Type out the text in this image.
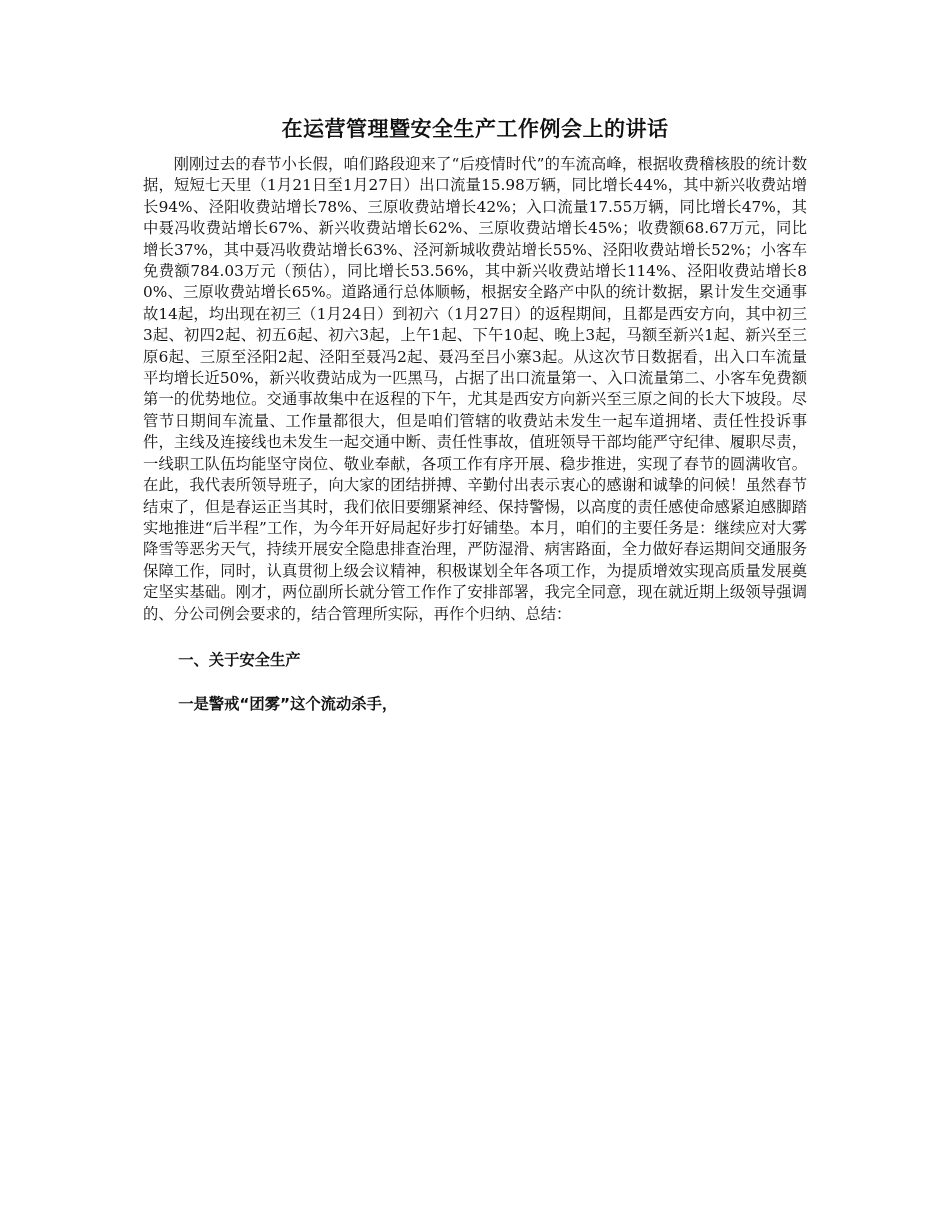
在运营管理暨安全生产工作例会上的讲话

刚刚过去的春节小长假，咱们路段迎来了“后疫情时代”的车流高峰，根据收费稽核股的统计数据，短短七天里（1月21日至1月27日）出口流量15.98万辆，同比增长44%，其中新兴收费站增长94%、泾阳收费站增长78%、三原收费站增长42%；入口流量17.55万辆，同比增长47%，其中聂冯收费站增长67%、新兴收费站增长62%、三原收费站增长45%；收费额68.67万元，同比增长37%，其中聂冯收费站增长63%、泾河新城收费站增长55%、泾阳收费站增长52%；小客车免费额784.03万元（预估），同比增长53.56%，其中新兴收费站增长114%、泾阳收费站增长80%、三原收费站增长65%。道路通行总体顺畅，根据安全路产中队的统计数据，累计发生交通事故14起，均出现在初三（1月24日）到初六（1月27日）的返程期间，且都是西安方向，其中初三3起、初四2起、初五6起、初六3起，上午1起、下午10起、晚上3起，马额至新兴1起、新兴至三原6起、三原至泾阳2起、泾阳至聂冯2起、聂冯至吕小寨3起。从这次节日数据看，出入口车流量平均增长近50%，新兴收费站成为一匹黑马，占据了出口流量第一、入口流量第二、小客车免费额第一的优势地位。交通事故集中在返程的下午，尤其是西安方向新兴至三原之间的长大下坡段。尽管节日期间车流量、工作量都很大，但是咱们管辖的收费站未发生一起车道拥堵、责任性投诉事件，主线及连接线也未发生一起交通中断、责任性事故，值班领导干部均能严守纪律、履职尽责，一线职工队伍均能坚守岗位、敬业奉献，各项工作有序开展、稳步推进，实现了春节的圆满收官。在此，我代表所领导班子，向大家的团结拼搏、辛勤付出表示衷心的感谢和诚挚的问候！虽然春节结束了，但是春运正当其时，我们依旧要绷紧神经、保持警惕，以高度的责任感使命感紧迫感脚踏实地推进“后半程”工作，为今年开好局起好步打好铺垫。本月，咱们的主要任务是：继续应对大雾降雪等恶劣天气，持续开展安全隐患排查治理，严防湿滑、病害路面，全力做好春运期间交通服务保障工作，同时，认真贯彻上级会议精神，积极谋划全年各项工作，为提质增效实现高质量发展奠定坚实基础。刚才，两位副所长就分管工作作了安排部署，我完全同意，现在就近期上级领导强调的、分公司例会要求的，结合管理所实际，再作个归纳、总结：

一、关于安全生产
一是警戒“团雾”这个流动杀手，
